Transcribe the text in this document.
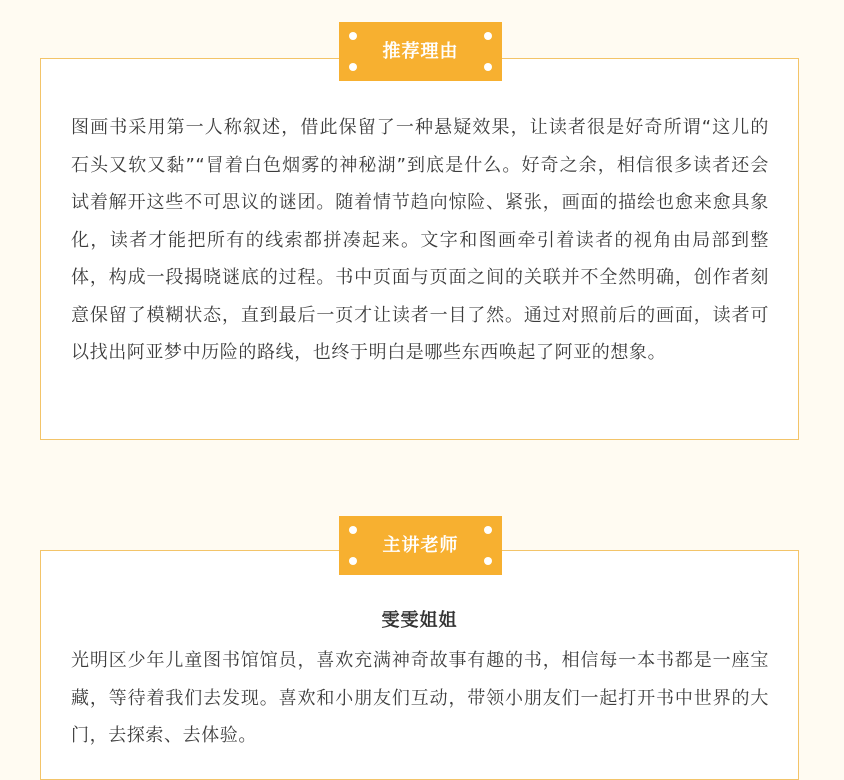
图画书采用第一人称叙述，借此保留了一种悬疑效果，让读者很是好奇所谓“这儿的石头又软又黏”“冒着白色烟雾的神秘湖”到底是什么。好奇之余，相信很多读者还会试着解开这些不可思议的谜团。随着情节趋向惊险、紧张，画面的描绘也愈来愈具象化，读者才能把所有的线索都拼凑起来。文字和图画牵引着读者的视角由局部到整体，构成一段揭晓谜底的过程。书中页面与页面之间的关联并不全然明确，创作者刻意保留了模糊状态，直到最后一页才让读者一目了然。通过对照前后的画面，读者可以找出阿亚梦中历险的路线，也终于明白是哪些东西唤起了阿亚的想象。

推荐理由
雯雯姐姐

光明区少年儿童图书馆馆员，喜欢充满神奇故事有趣的书，相信每一本书都是一座宝藏，等待着我们去发现。喜欢和小朋友们互动，带领小朋友们一起打开书中世界的大门，去探索、去体验。

主讲老师
